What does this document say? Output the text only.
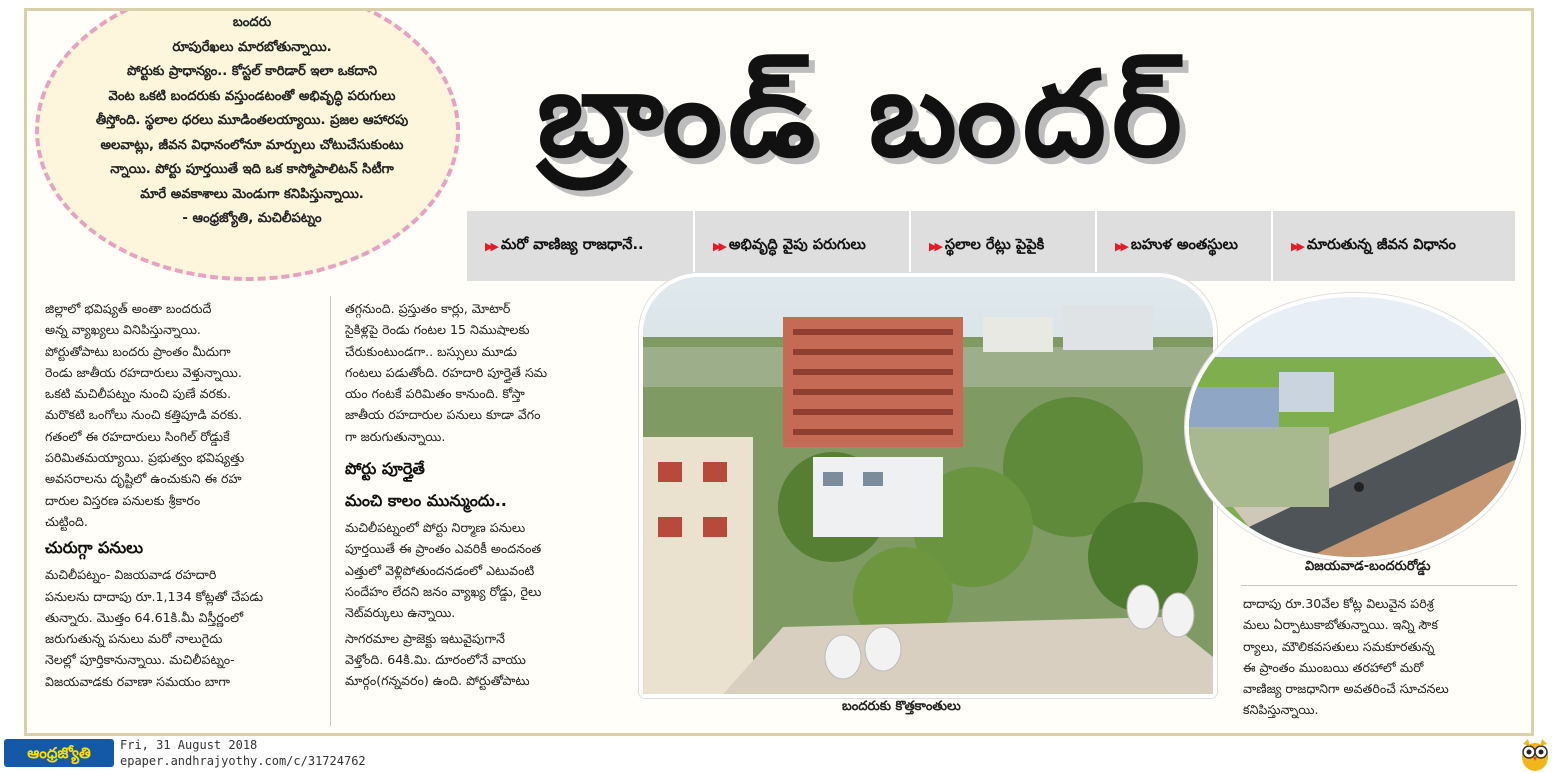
బందరు
రూపురేఖలు మారబోతున్నాయి.
పోర్టుకు ప్రాధాన్యం.. కోస్టల్ కారిడార్ ఇలా ఒకదాని
వెంట ఒకటి బందరుకు వస్తుండటంతో అభివృద్ధి పరుగులు
తీస్తోంది. స్థలాల ధరలు మూడింతలయ్యాయి. ప్రజల ఆహారపు
అలవాట్లు, జీవన విధానంలోనూ మార్పులు చోటుచేసుకుంటు
న్నాయి. పోర్టు పూర్తయితే ఇది ఒక కాస్మోపాలిటన్ సిటీగా
మారే అవకాశాలు మెండుగా కనిపిస్తున్నాయి.
- ఆంధ్రజ్యోతి, మచిలీపట్నం
బ్రాండ్ బందర్
▶▶ మరో వాణిజ్య రాజధానే..	▶▶ అభివృద్ధి వైపు పరుగులు	▶▶ స్థలాల రేట్లు పైపైకి	▶▶ బహుళ అంతస్థులు	▶▶ మారుతున్న జీవన విధానం
జిల్లాలో భవిష్యత్ అంతా బందరుదే
అన్న వ్యాఖ్యలు వినిపిస్తున్నాయి.
పోర్టుతోపాటు బందరు ప్రాంతం మీదుగా
రెండు జాతీయ రహదారులు వెళ్తున్నాయి.
ఒకటి మచిలీపట్నం నుంచి పుణే వరకు.
మరొకటి ఒంగోలు నుంచి కత్తిపూడి వరకు.
గతంలో ఈ రహదారులు సింగిల్ రోడ్డుకే
పరిమితమయ్యాయి. ప్రభుత్వం భవిష్యత్తు
అవసరాలను దృష్టిలో ఉంచుకుని ఈ రహ
దారుల విస్తరణ పనులకు శ్రీకారం
చుట్టింది.
చురుగ్గా పనులు
మచిలీపట్నం- విజయవాడ రహదారి
పనులను దాదాపు రూ.1,134 కోట్లతో చేపడు
తున్నారు. మొత్తం 64.61కి.మీ విస్తీర్ణంలో
జరుగుతున్న పనులు మరో నాలుగైదు
నెలల్లో పూర్తికానున్నాయి. మచిలీపట్నం-
విజయవాడకు రవాణా సమయం బాగా
తగ్గనుంది. ప్రస్తుతం కార్లు, మోటార్
సైకిళ్లపై రెండు గంటల 15 నిముషాలకు
చేరుకుంటుండగా.. బస్సులు మూడు
గంటలు పడుతోంది. రహదారి పూర్తైతే సమ
యం గంటకే పరిమితం కానుంది. కోస్తా
జాతీయ రహదారుల పనులు కూడా వేగం
గా జరుగుతున్నాయి.
పోర్టు పూర్తైతే
మంచి కాలం మున్ముందు..
మచిలీపట్నంలో పోర్టు నిర్మాణ పనులు
పూర్తయితే ఈ ప్రాంతం ఎవరికీ అందనంత
ఎత్తులో వెళ్లిపోతుందనడంలో ఎటువంటి
సందేహం లేదని జనం వ్యాఖ్య రోడ్డు, రైలు
నెట్‌వర్కులు ఉన్నాయి.
సాగరమాల ప్రాజెక్టు ఇటువైపుగానే
వెళ్తోంది. 64కి.మి. దూరంలోనే వాయు
మార్గం(గన్నవరం) ఉంది. పోర్టుతోపాటు
బందరుకు కొత్తకాంతులు
విజయవాడ-బందరురోడ్డు
దాదాపు రూ.30వేల కోట్ల విలువైన పరిశ్ర
మలు ఏర్పాటుకాబోతున్నాయి. ఇన్ని సౌక
ర్యాలు, మౌలికవసతులు సమకూరతున్న
ఈ ప్రాంతం ముంబయి తరహాలో మరో
వాణిజ్య రాజధానిగా అవతరించే సూచనలు
కనిపిస్తున్నాయి.
ఆంధ్రజ్యోతి	Fri, 31 August 2018
epaper.andhrajyothy.com/c/31724762
